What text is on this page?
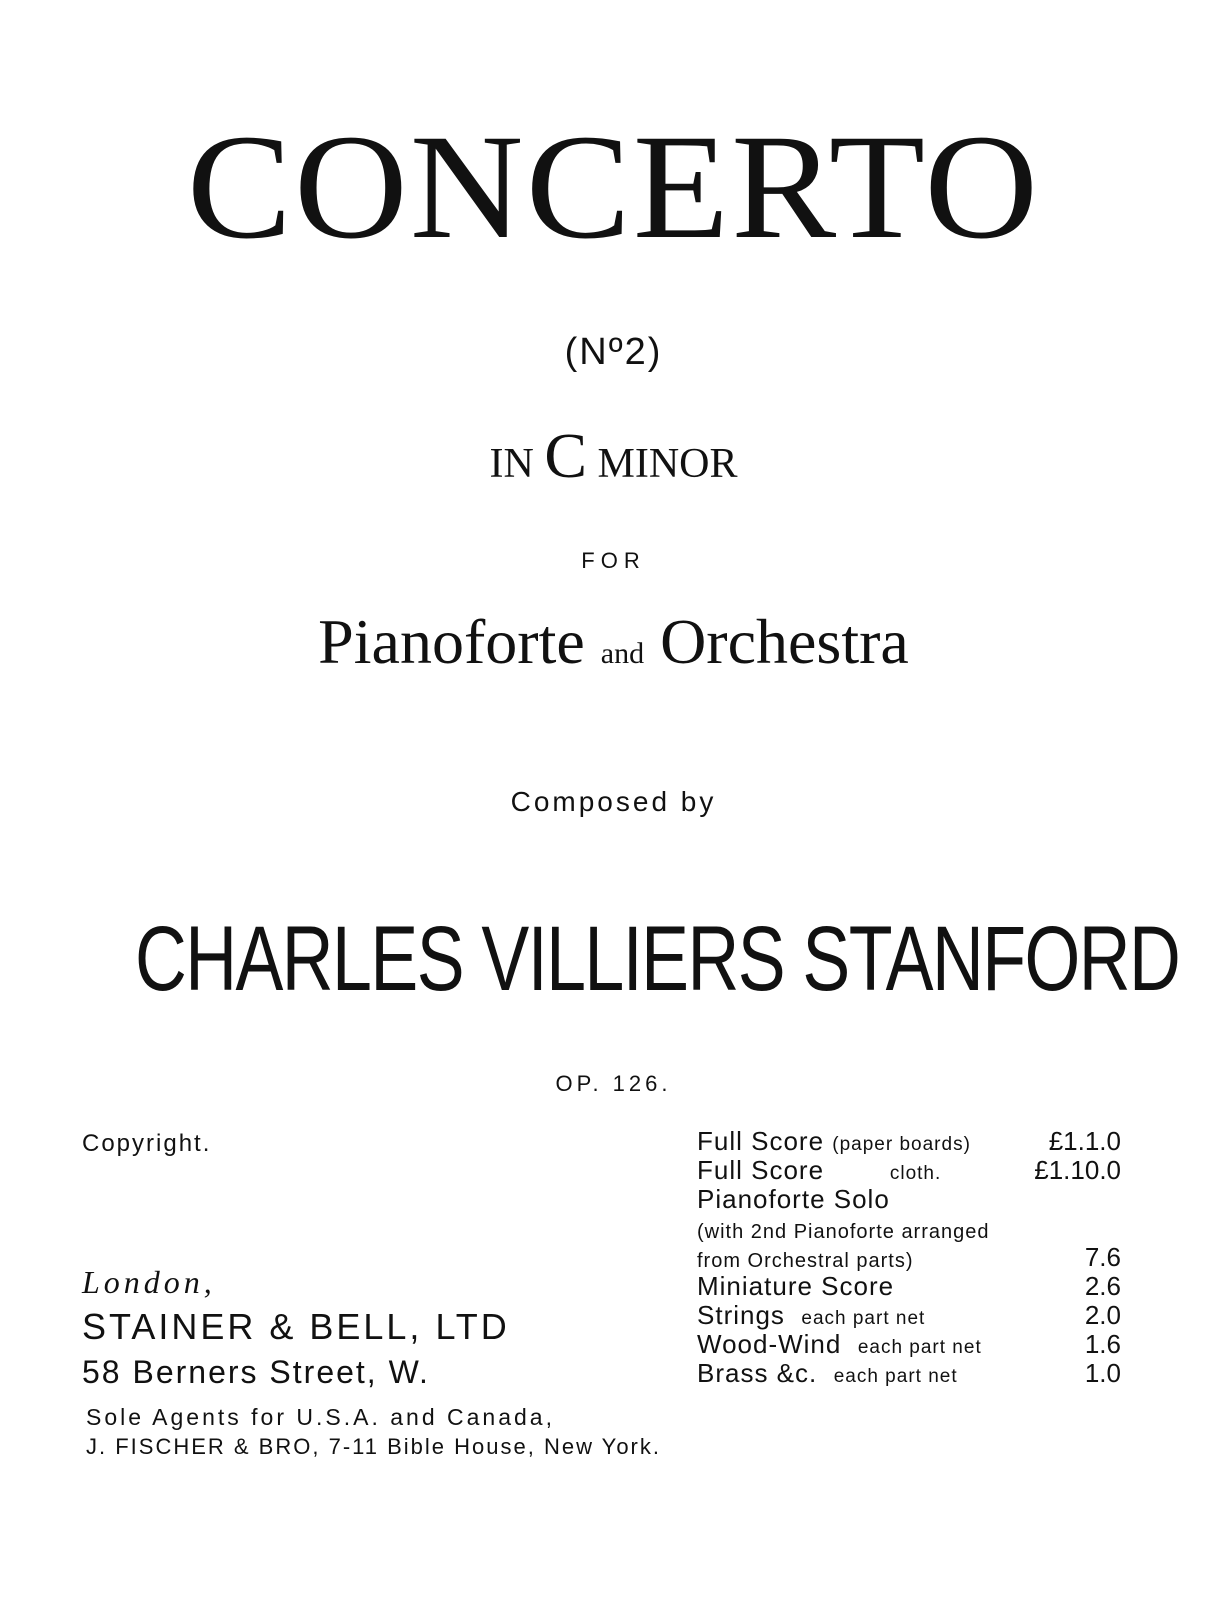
CONCERTO
(Nº2)
IN C MINOR
FOR
Pianoforte and Orchestra
Composed by
CHARLES VILLIERS STANFORD
OP. 126.
Copyright.
London,
STAINER & BELL, LTD
58 Berners Street, W.
Sole Agents for U.S.A. and Canada,
J. FISCHER & BRO, 7-11 Bible House, New York.
Full Score (paper boards)	£1.1.0
Full Score	cloth.	£1.10.0
Pianoforte Solo
(with 2nd Pianoforte arranged
from Orchestral parts)	7.6
Miniature Score	2.6
Strings each part net	2.0
Wood-Wind each part net	1.6
Brass &c. each part net	1.0
